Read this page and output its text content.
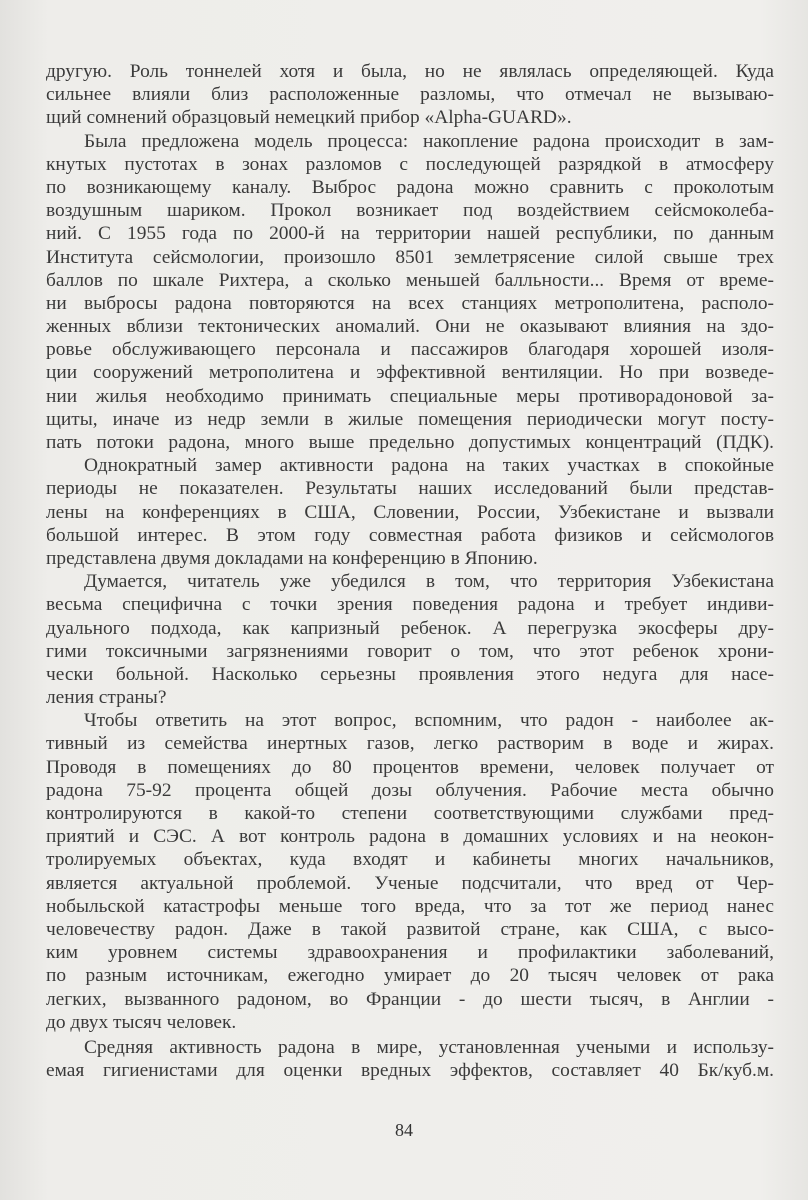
другую. Роль тоннелей хотя и была, но не являлась определяющей. Куда
сильнее влияли близ расположенные разломы, что отмечал не вызываю-
щий сомнений образцовый немецкий прибор «Alpha-GUARD».
Была предложена модель процесса: накопление радона происходит в зам-
кнутых пустотах в зонах разломов с последующей разрядкой в атмосферу
по возникающему каналу. Выброс радона можно сравнить с проколотым
воздушным шариком. Прокол возникает под воздействием сейсмоколеба-
ний. С 1955 года по 2000-й на территории нашей республики, по данным
Института сейсмологии, произошло 8501 землетрясение силой свыше трех
баллов по шкале Рихтера, а сколько меньшей балльности... Время от време-
ни выбросы радона повторяются на всех станциях метрополитена, располо-
женных вблизи тектонических аномалий. Они не оказывают влияния на здо-
ровье обслуживающего персонала и пассажиров благодаря хорошей изоля-
ции сооружений метрополитена и эффективной вентиляции. Но при возведе-
нии жилья необходимо принимать специальные меры противорадоновой за-
щиты, иначе из недр земли в жилые помещения периодически могут посту-
пать потоки радона, много выше предельно допустимых концентраций (ПДК).
Однократный замер активности радона на таких участках в спокойные
периоды не показателен. Результаты наших исследований были представ-
лены на конференциях в США, Словении, России, Узбекистане и вызвали
большой интерес. В этом году совместная работа физиков и сейсмологов
представлена двумя докладами на конференцию в Японию.
Думается, читатель уже убедился в том, что территория Узбекистана
весьма специфична с точки зрения поведения радона и требует индиви-
дуального подхода, как капризный ребенок. А перегрузка экосферы дру-
гими токсичными загрязнениями говорит о том, что этот ребенок хрони-
чески больной. Насколько серьезны проявления этого недуга для насе-
ления страны?
Чтобы ответить на этот вопрос, вспомним, что радон - наиболее ак-
тивный из семейства инертных газов, легко растворим в воде и жирах.
Проводя в помещениях до 80 процентов времени, человек получает от
радона 75-92 процента общей дозы облучения. Рабочие места обычно
контролируются в какой-то степени соответствующими службами пред-
приятий и СЭС. А вот контроль радона в домашних условиях и на неокон-
тролируемых объектах, куда входят и кабинеты многих начальников,
является актуальной проблемой. Ученые подсчитали, что вред от Чер-
нобыльской катастрофы меньше того вреда, что за тот же период нанес
человечеству радон. Даже в такой развитой стране, как США, с высо-
ким уровнем системы здравоохранения и профилактики заболеваний,
по разным источникам, ежегодно умирает до 20 тысяч человек от рака
легких, вызванного радоном, во Франции - до шести тысяч, в Англии -
до двух тысяч человек.
Средняя активность радона в мире, установленная учеными и использу-
емая гигиенистами для оценки вредных эффектов, составляет 40 Бк/куб.м.
84
